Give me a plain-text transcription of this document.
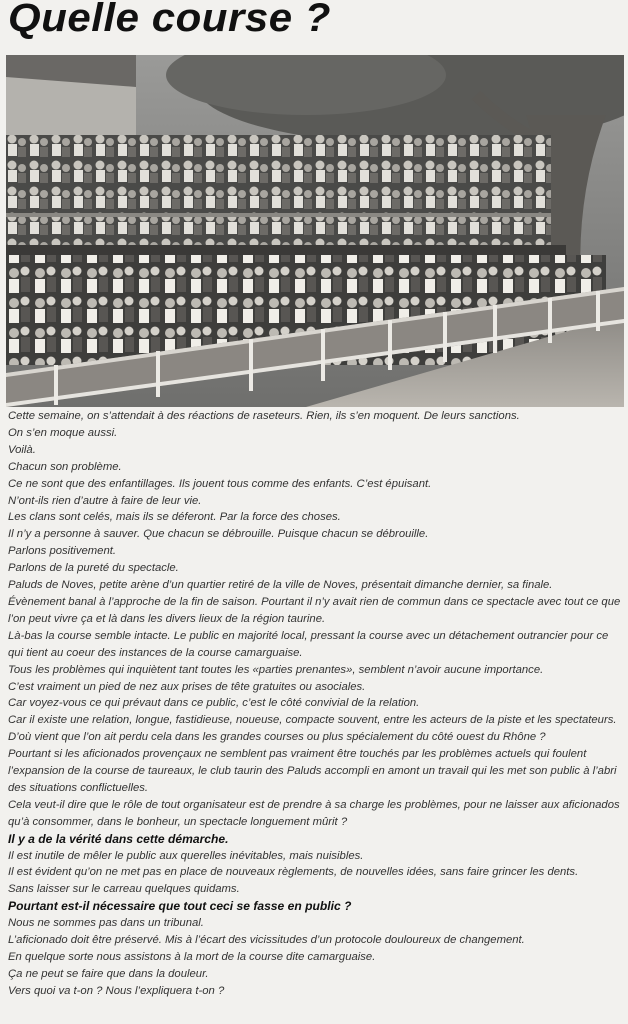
Quelle course ?

Cette semaine, on s’attendait à des réactions de raseteurs. Rien, ils s’en moquent. De leurs sanctions.

On s’en moque aussi.

Voilà.

Chacun son problème.

Ce ne sont que des enfantillages. Ils jouent tous comme des enfants. C’est épuisant.

N’ont-ils rien d’autre à faire de leur vie.

Les clans sont celés, mais ils se déferont. Par la force des choses.

Il n’y a personne à sauver. Que chacun se débrouille. Puisque chacun se débrouille.

Parlons positivement.

Parlons de la pureté du spectacle.

Paluds de Noves, petite arène d’un quartier retiré de la ville de Noves, présentait dimanche dernier, sa finale.

Évènement banal à l’approche de la fin de saison. Pourtant il n’y avait rien de commun dans ce spectacle avec tout ce que l’on peut vivre ça et là dans les divers lieux de la région taurine.

Là-bas la course semble intacte. Le public en majorité local, pressant la course avec un détachement outrancier pour ce qui tient au coeur des instances de la course camarguaise.

Tous les problèmes qui inquiètent tant toutes les «parties prenantes», semblent n’avoir aucune importance.

C’est vraiment un pied de nez aux prises de tête gratuites ou asociales.

Car voyez-vous ce qui prévaut dans ce public, c’est le côté convivial de la relation.

Car il existe une relation, longue, fastidieuse, noueuse, compacte souvent, entre les acteurs de la piste et les spectateurs.

D’où vient que l’on ait perdu cela dans les grandes courses ou plus spécialement du côté ouest du Rhône ?

Pourtant si les aficionados provençaux ne semblent pas vraiment être touchés par les problèmes actuels qui foulent l’expansion de la course de taureaux, le club taurin des Paluds accompli en amont un travail qui les met son public à l’abri des situations conflictuelles.

Cela veut-il dire que le rôle de tout organisateur est de prendre à sa charge les problèmes, pour ne laisser aux aficionados qu’à consommer, dans le bonheur, un spectacle longuement mûrit ?

Il y a de la vérité dans cette démarche.

Il est inutile de mêler le public aux querelles inévitables, mais nuisibles.

Il est évident qu’on ne met pas en place de nouveaux règlements, de nouvelles idées, sans faire grincer les dents.

Sans laisser sur le carreau quelques quidams.

Pourtant est-il nécessaire que tout ceci se fasse en public ?

Nous ne sommes pas dans un tribunal.

L’aficionado doit être préservé. Mis à l’écart des vicissitudes d’un protocole douloureux de changement.

En quelque sorte nous assistons à la mort de la course dite camarguaise.

Ça ne peut se faire que dans la douleur.

Vers quoi va t-on ? Nous l’expliquera t-on ?
